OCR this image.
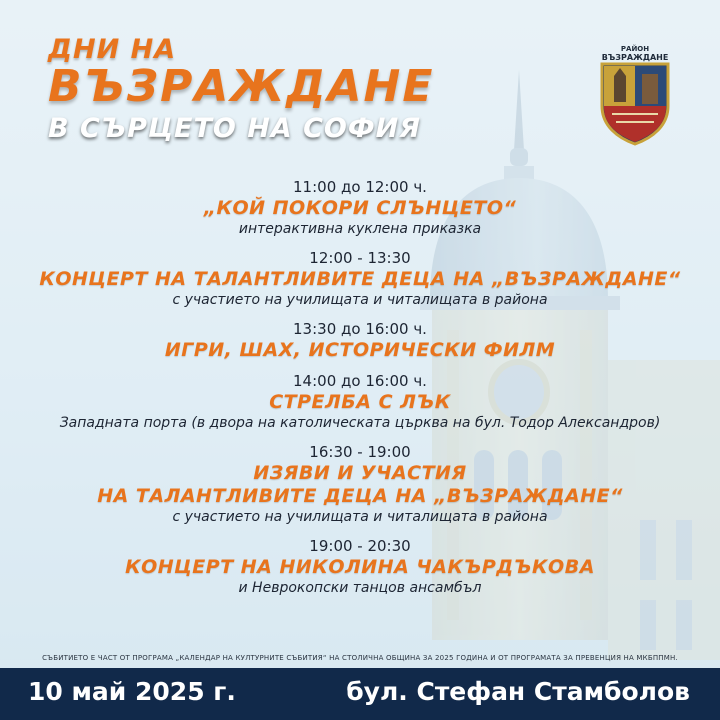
ДНИ НА
ВЪЗРАЖДАНЕ
В СЪРЦЕТО НА СОФИЯ
РАЙОН
ВЪЗРАЖДАНЕ
11:00 до 12:00 ч.
„КОЙ ПОКОРИ СЛЪНЦЕТО“
интерактивна куклена приказка
12:00 - 13:30
КОНЦЕРТ НА ТАЛАНТЛИВИТЕ ДЕЦА НА „ВЪЗРАЖДАНЕ“
с участието на училищата и читалищата в района
13:30 до 16:00 ч.
ИГРИ, ШАХ, ИСТОРИЧЕСКИ ФИЛМ
14:00 до 16:00 ч.
СТРЕЛБА С ЛЪК
Западната порта (в двора на католическата църква на бул. Тодор Александров)
16:30 - 19:00
ИЗЯВИ И УЧАСТИЯ
НА ТАЛАНТЛИВИТЕ ДЕЦА НА „ВЪЗРАЖДАНЕ“
с участието на училищата и читалищата в района
19:00 - 20:30
КОНЦЕРТ НА НИКОЛИНА ЧАКЪРДЪКОВА
и Неврокопски танцов ансамбъл
СЪБИТИЕТО Е ЧАСТ ОТ ПРОГРАМА „КАЛЕНДАР НА КУЛТУРНИТЕ СЪБИТИЯ“ НА СТОЛИЧНА ОБЩИНА ЗА 2025 ГОДИНА И ОТ ПРОГРАМАТА ЗА ПРЕВЕНЦИЯ НА МКБППМН.
10 май 2025 г.	бул. Стефан Стамболов
